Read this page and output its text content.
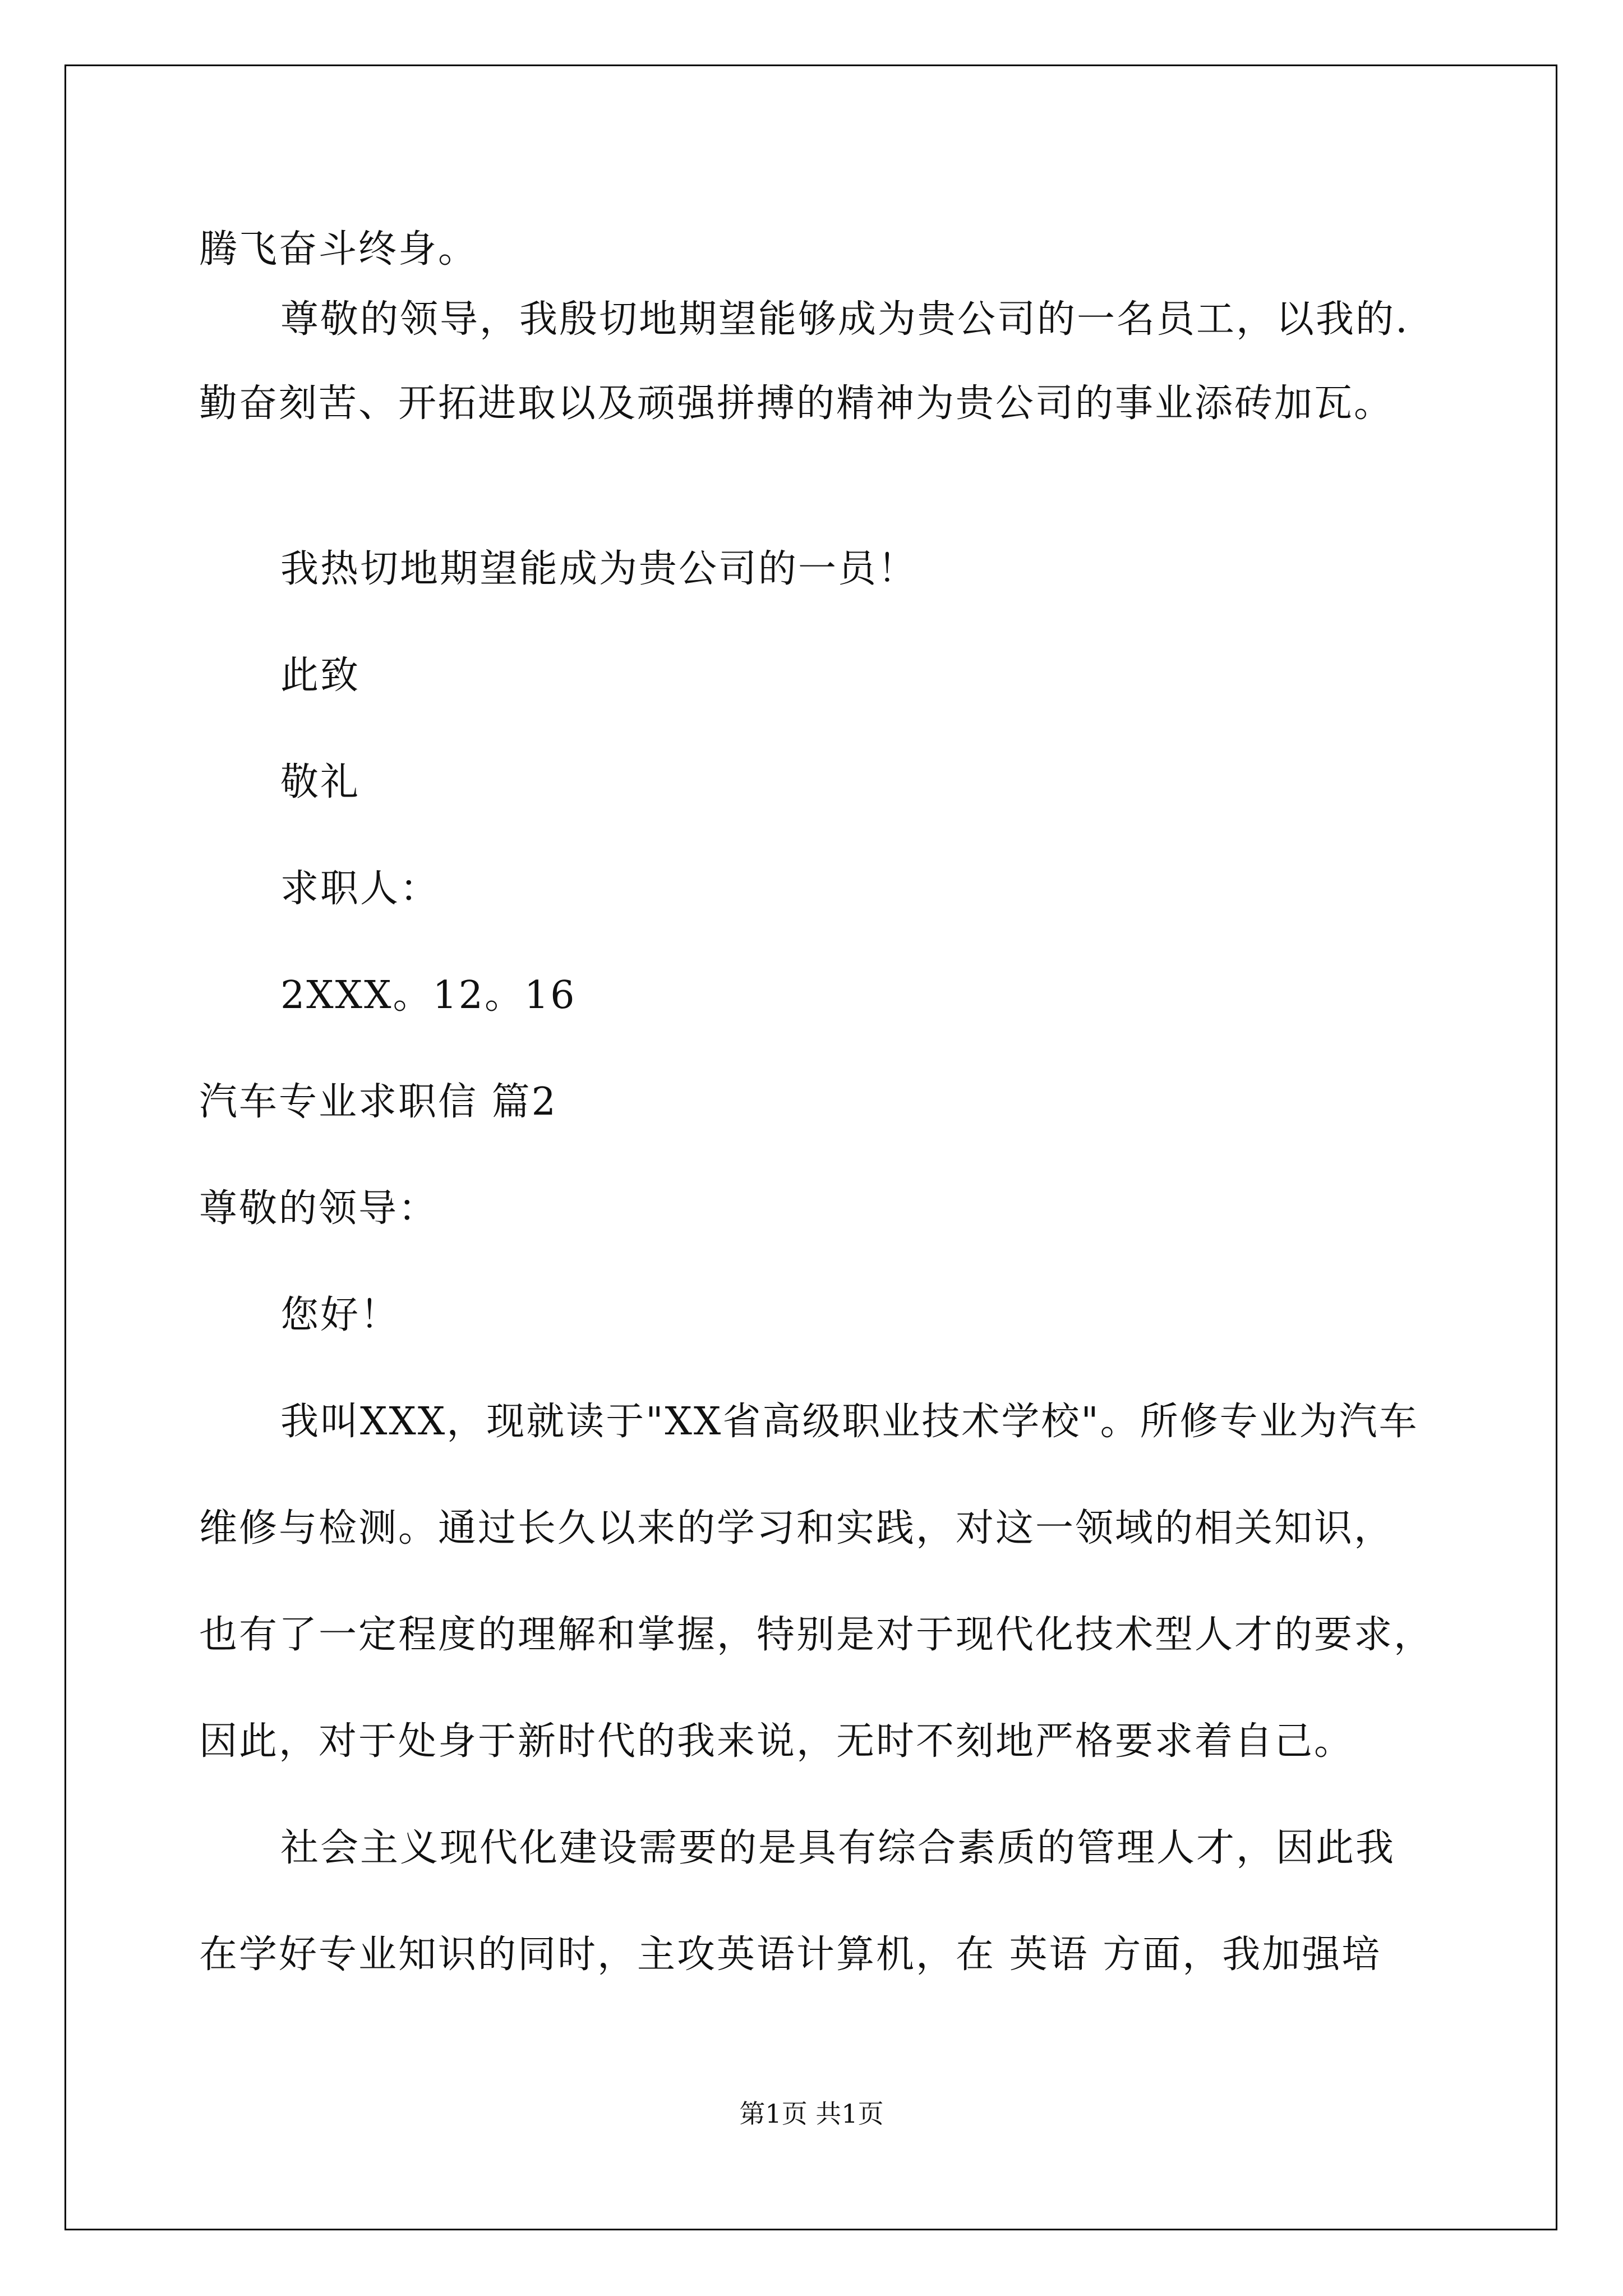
腾飞奋斗终身。
尊敬的领导，我殷切地期望能够成为贵公司的一名员工，以我的.
勤奋刻苦、开拓进取以及顽强拼搏的精神为贵公司的事业添砖加瓦。
我热切地期望能成为贵公司的一员！
此致
敬礼
求职人：
2XXX。12。16
汽车专业求职信 篇2
尊敬的领导：
您好！
我叫XXX，现就读于"XX省高级职业技术学校"。所修专业为汽车
维修与检测。通过长久以来的学习和实践，对这一领域的相关知识，
也有了一定程度的理解和掌握，特别是对于现代化技术型人才的要求，
因此，对于处身于新时代的我来说，无时不刻地严格要求着自己。
社会主义现代化建设需要的是具有综合素质的管理人才，因此我
在学好专业知识的同时，主攻英语计算机，在 英语 方面，我加强培
第1页 共1页
